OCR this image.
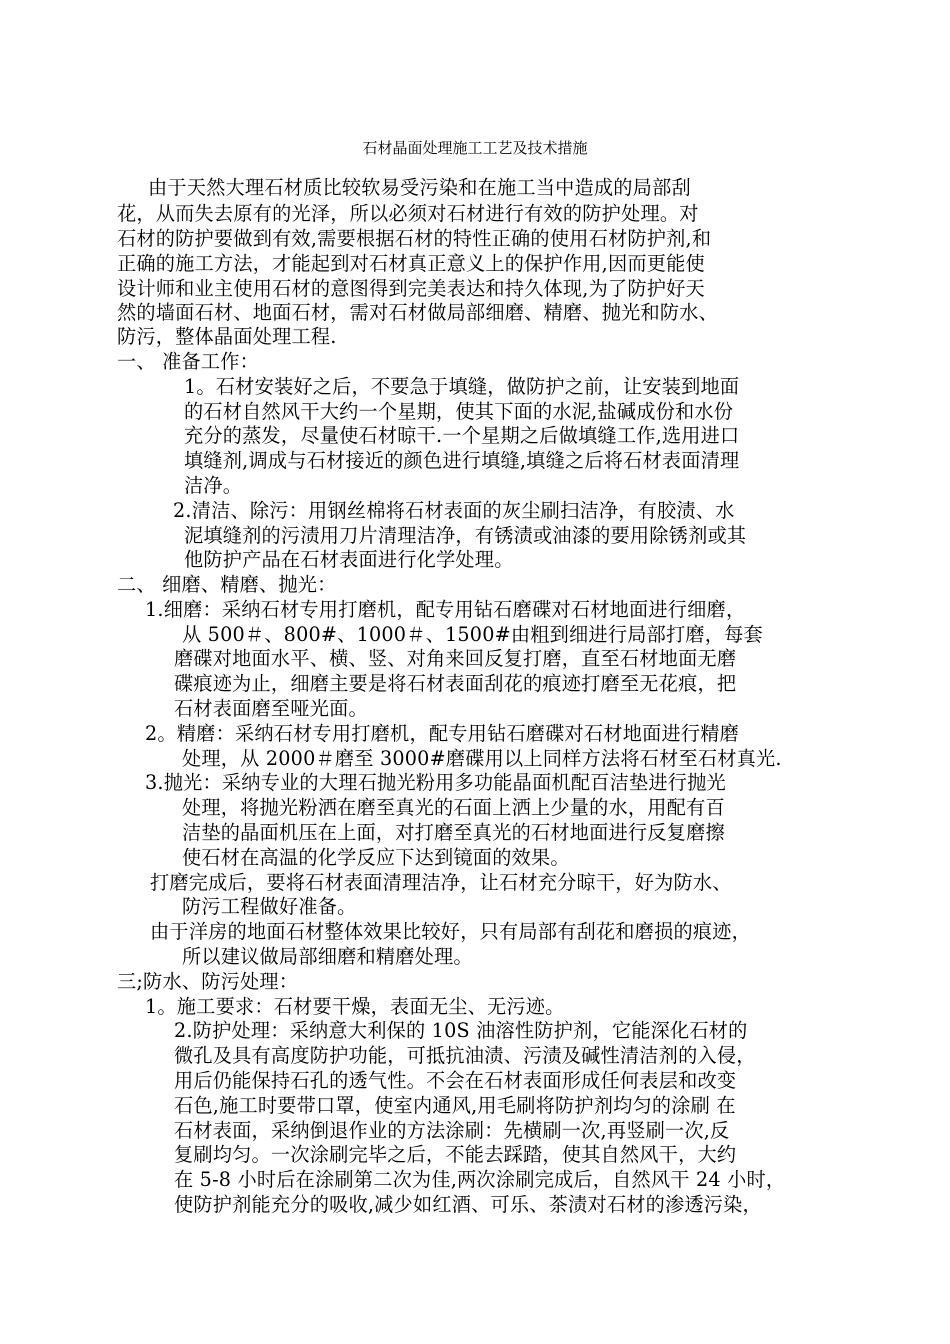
石材晶面处理施工工艺及技术措施
由于天然大理石材质比较软易受污染和在施工当中造成的局部刮
花，从而失去原有的光泽，所以必须对石材进行有效的防护处理。对
石材的防护要做到有效,需要根据石材的特性正确的使用石材防护剂,和
正确的施工方法，才能起到对石材真正意义上的保护作用,因而更能使
设计师和业主使用石材的意图得到完美表达和持久体现,为了防护好天
然的墙面石材、地面石材，需对石材做局部细磨、精磨、抛光和防水、
防污，整体晶面处理工程.
一、 准备工作：
1。石材安装好之后，不要急于填缝，做防护之前，让安装到地面
的石材自然风干大约一个星期，使其下面的水泥,盐碱成份和水份
充分的蒸发，尽量使石材晾干.一个星期之后做填缝工作,选用进口
填缝剂,调成与石材接近的颜色进行填缝,填缝之后将石材表面清理
洁净。
2.清洁、除污：用钢丝棉将石材表面的灰尘刷扫洁净，有胶渍、水
泥填缝剂的污渍用刀片清理洁净，有锈渍或油漆的要用除锈剂或其
他防护产品在石材表面进行化学处理。
二、 细磨、精磨、抛光：
1.细磨：采纳石材专用打磨机，配专用钻石磨碟对石材地面进行细磨，
从 500＃、800#、1000＃、1500#由粗到细进行局部打磨，每套
磨碟对地面水平、横、竖、对角来回反复打磨，直至石材地面无磨
碟痕迹为止，细磨主要是将石材表面刮花的痕迹打磨至无花痕，把
石材表面磨至哑光面。
2。精磨：采纳石材专用打磨机，配专用钻石磨碟对石材地面进行精磨
处理，从 2000＃磨至 3000#磨碟用以上同样方法将石材至石材真光.
3.抛光：采纳专业的大理石抛光粉用多功能晶面机配百洁垫进行抛光
处理，将抛光粉洒在磨至真光的石面上洒上少量的水，用配有百
洁垫的晶面机压在上面，对打磨至真光的石材地面进行反复磨擦
使石材在高温的化学反应下达到镜面的效果。
打磨完成后，要将石材表面清理洁净，让石材充分晾干，好为防水、
防污工程做好准备。
由于洋房的地面石材整体效果比较好，只有局部有刮花和磨损的痕迹，
所以建议做局部细磨和精磨处理。
三;防水、防污处理：
1。施工要求：石材要干燥，表面无尘、无污迹。
2.防护处理：采纳意大利保的 10S 油溶性防护剂，它能深化石材的
微孔及具有高度防护功能，可抵抗油渍、污渍及碱性清洁剂的入侵，
用后仍能保持石孔的透气性。不会在石材表面形成任何表层和改变
石色,施工时要带口罩，使室内通风,用毛刷将防护剂均匀的涂刷 在
石材表面，采纳倒退作业的方法涂刷：先横刷一次,再竖刷一次,反
复刷均匀。一次涂刷完毕之后，不能去踩踏，使其自然风干，大约
在 5-8 小时后在涂刷第二次为佳,两次涂刷完成后，自然风干 24 小时，
使防护剂能充分的吸收,减少如红酒、可乐、茶渍对石材的渗透污染，
